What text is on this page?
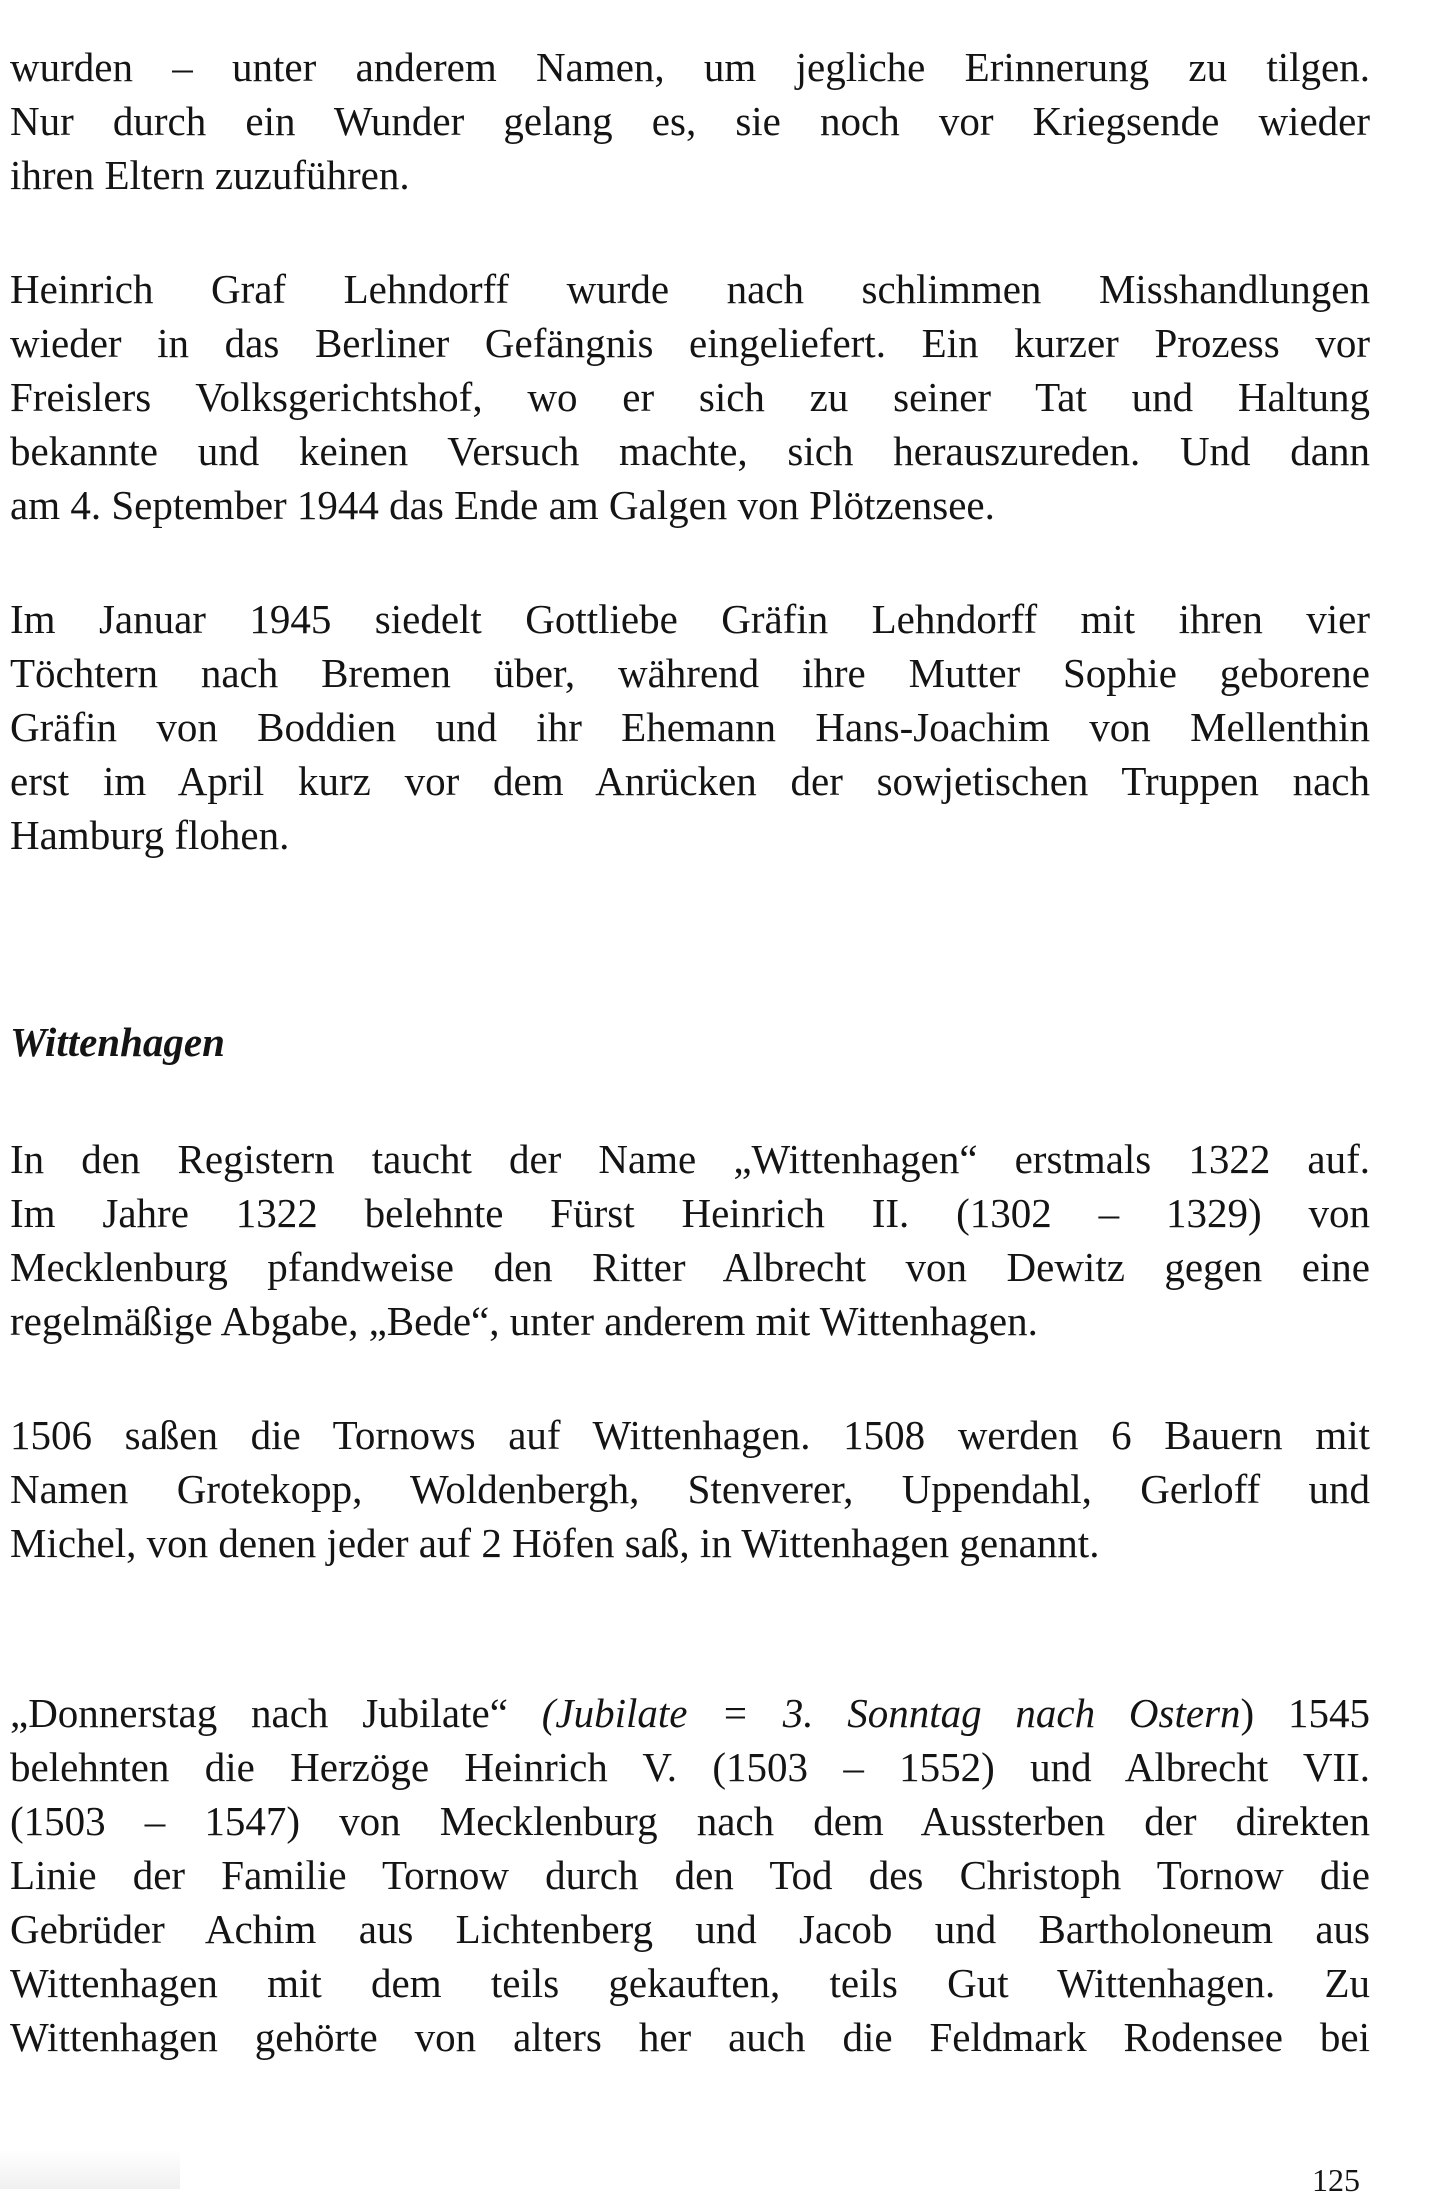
wurden – unter anderem Namen, um jegliche Erinnerung zu tilgen.
Nur durch ein Wunder gelang es, sie noch vor Kriegsende wieder
ihren Eltern zuzuführen.
Heinrich Graf Lehndorff wurde nach schlimmen Misshandlungen
wieder in das Berliner Gefängnis eingeliefert. Ein kurzer Prozess vor
Freislers Volksgerichtshof, wo er sich zu seiner Tat und Haltung
bekannte und keinen Versuch machte, sich herauszureden. Und dann
am 4. September 1944 das Ende am Galgen von Plötzensee.
Im Januar 1945 siedelt Gottliebe Gräfin Lehndorff mit ihren vier
Töchtern nach Bremen über, während ihre Mutter Sophie geborene
Gräfin von Boddien und ihr Ehemann Hans-Joachim von Mellenthin
erst im April kurz vor dem Anrücken der sowjetischen Truppen nach
Hamburg flohen.
Wittenhagen
In den Registern taucht der Name „Wittenhagen“ erstmals 1322 auf.
Im Jahre 1322 belehnte Fürst Heinrich II. (1302 – 1329) von
Mecklenburg pfandweise den Ritter Albrecht von Dewitz gegen eine
regelmäßige Abgabe, „Bede“, unter anderem mit Wittenhagen.
1506 saßen die Tornows auf Wittenhagen. 1508 werden 6 Bauern mit
Namen Grotekopp, Woldenbergh, Stenverer, Uppendahl, Gerloff und
Michel, von denen jeder auf 2 Höfen saß, in Wittenhagen genannt.
„Donnerstag nach Jubilate“ (Jubilate = 3. Sonntag nach Ostern) 1545
belehnten die Herzöge Heinrich V. (1503 – 1552) und Albrecht VII.
(1503 – 1547) von Mecklenburg nach dem Aussterben der direkten
Linie der Familie Tornow durch den Tod des Christoph Tornow die
Gebrüder Achim aus Lichtenberg und Jacob und Bartholoneum aus
Wittenhagen mit dem teils gekauften, teils Gut Wittenhagen. Zu
Wittenhagen gehörte von alters her auch die Feldmark Rodensee bei
125
